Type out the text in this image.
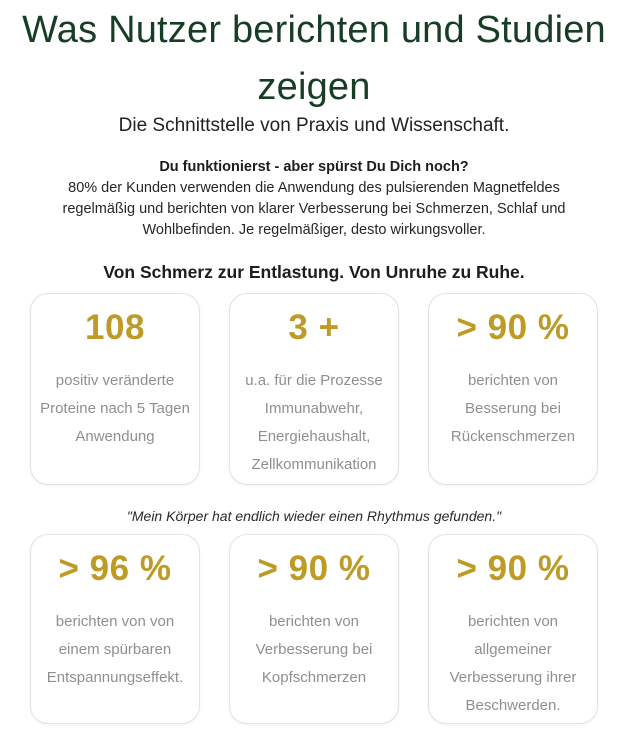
Was Nutzer berichten und Studien zeigen
Die Schnittstelle von Praxis und Wissenschaft.
Du funktionierst - aber spürst Du Dich noch?
80% der Kunden verwenden die Anwendung des pulsierenden Magnetfeldes regelmäßig und berichten von klarer Verbesserung bei Schmerzen, Schlaf und Wohlbefinden. Je regelmäßiger, desto wirkungsvoller.
Von Schmerz zur Entlastung. Von Unruhe zu Ruhe.
108
positiv veränderte Proteine nach 5 Tagen Anwendung
3 +
u.a. für die Prozesse Immunabwehr, Energiehaushalt, Zellkommunikation
> 90 %
berichten von Besserung bei Rückenschmerzen
"Mein Körper hat endlich wieder einen Rhythmus gefunden."
> 96 %
berichten von von einem spürbaren Entspannungseffekt.
> 90 %
berichten von Verbesserung bei Kopfschmerzen
> 90 %
berichten von allgemeiner Verbesserung ihrer Beschwerden.
